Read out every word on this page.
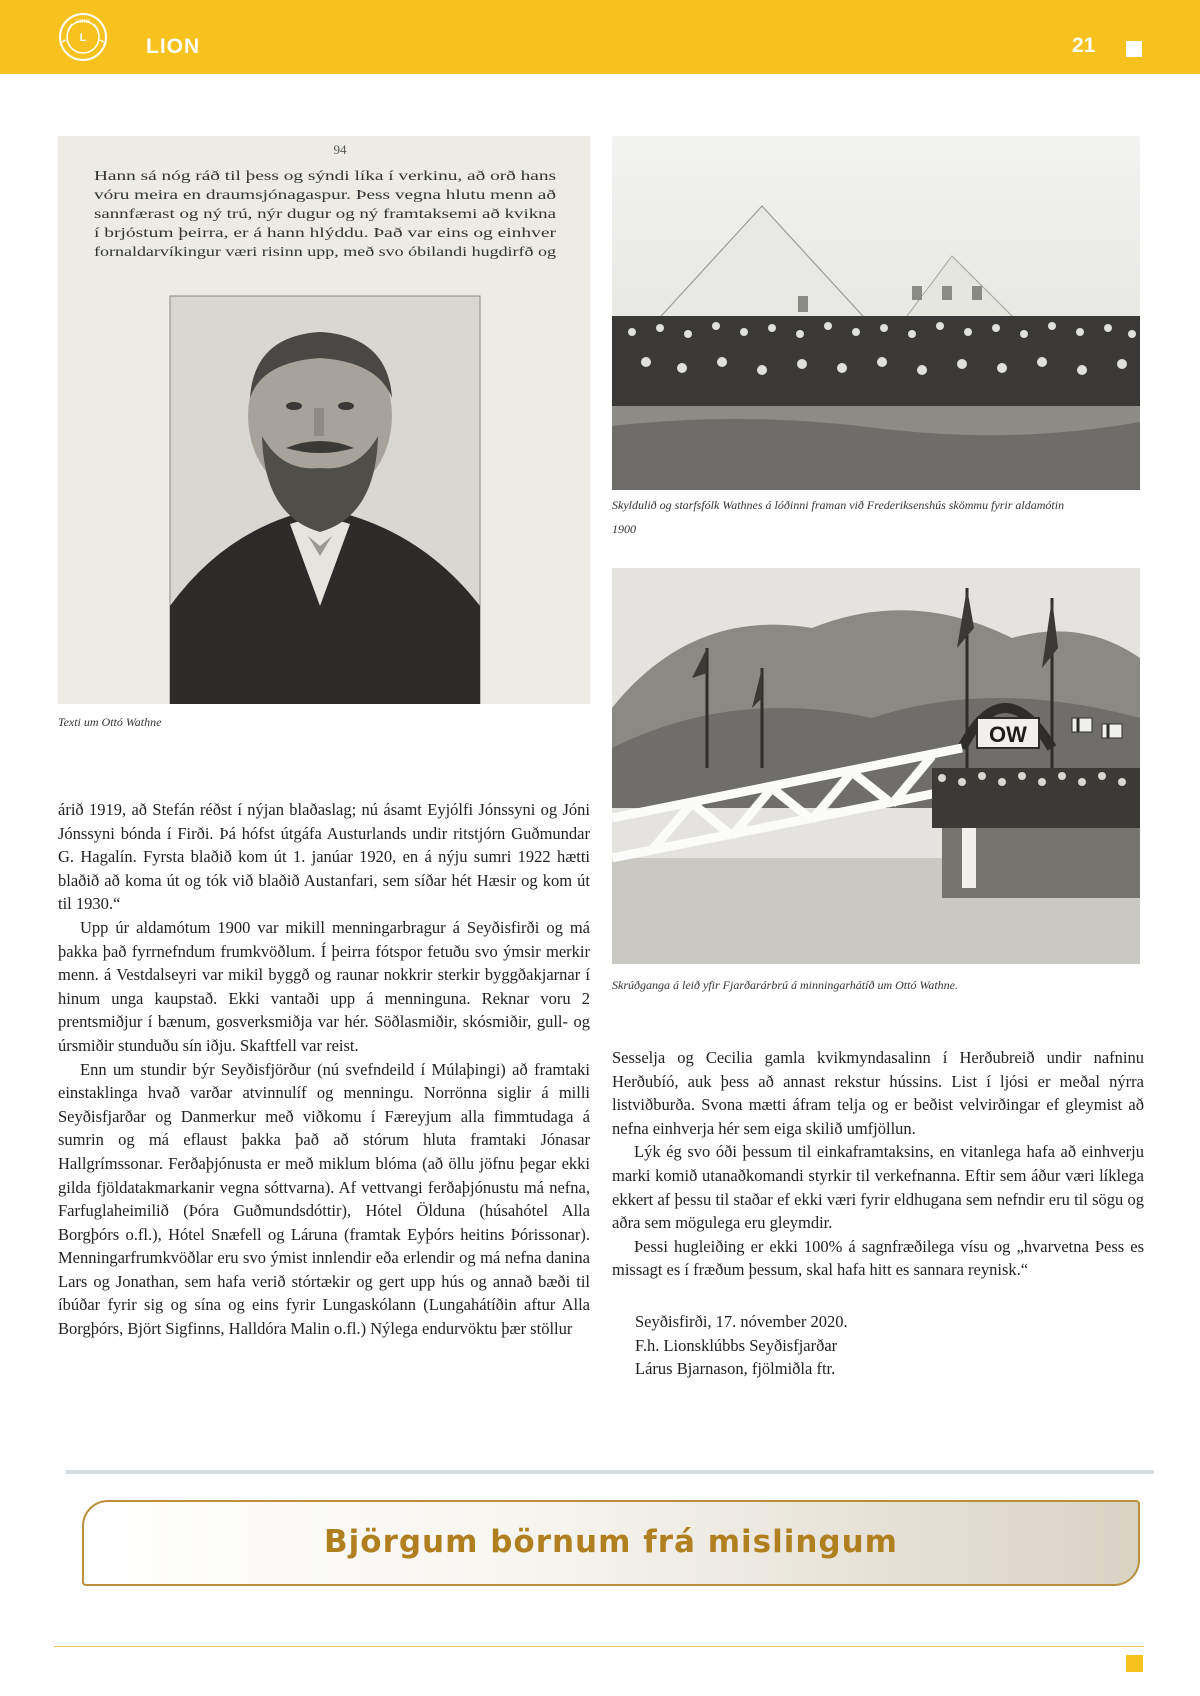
L
LIONS
LION	21
94
Hann sá nóg ráð til þess og sýndi líka í verkinu, að orð hans
vóru meira en draumsjónagaspur. Þess vegna hlutu menn að
sannfærast og ný trú, nýr dugur og ný framtaksemi að kvikna
í brjóstum þeirra, er á hann hlýddu. Það var eins og einhver
fornaldarvíkingur væri risinn upp, með svo óbilandi hugdirfð og
Texti um Ottó Wathne
Skyldulið og starfsfólk Wathnes á lóðinni framan við Frederiksenshús skömmu fyrir aldamótin
1900
OW
Skrúðganga á leið yfir Fjarðarárbrú á minningarhátíð um Ottó Wathne.

árið 1919, að Stefán réðst í nýjan blaðaslag; nú ásamt Eyjólfi Jónssyni og Jóni Jónssyni bónda í Firði. Þá hófst útgáfa Austurlands undir ritstjórn Guðmundar G. Hagalín. Fyrsta blaðið kom út 1. janúar 1920, en á nýju sumri 1922 hætti blaðið að koma út og tók við blaðið Austanfari, sem síðar hét Hæsir og kom út til 1930.“

Upp úr aldamótum 1900 var mikill menningarbragur á Seyðisfirði og má þakka það fyrrnefndum frumkvöðlum. Í þeirra fótspor fetuðu svo ýmsir merkir menn. á Vestdalseyri var mikil byggð og raunar nokkrir sterkir byggðakjarnar í hinum unga kaupstað. Ekki vantaði upp á menninguna. Reknar voru 2 prentsmiðjur í bænum, gosverksmiðja var hér. Söðlasmiðir, skósmiðir, gull- og úrsmiðir stunduðu sín iðju. Skaftfell var reist.

Enn um stundir býr Seyðisfjörður (nú svefndeild í Múlaþingi) að framtaki einstaklinga hvað varðar atvinnulíf og menningu. Norrönna siglir á milli Seyðisfjarðar og Danmerkur með viðkomu í Færeyjum alla fimmtudaga á sumrin og má eflaust þakka það að stórum hluta framtaki Jónasar Hallgrímssonar. Ferðaþjónusta er með miklum blóma (að öllu jöfnu þegar ekki gilda fjöldatakmarkanir vegna sóttvarna). Af vettvangi ferðaþjónustu má nefna, Farfuglaheimilið (Þóra Guðmundsdóttir), Hótel Ölduna (húsahótel Alla Borgþórs o.fl.), Hótel Snæfell og Láruna (framtak Eyþórs heitins Þórissonar). Menningarfrumkvöðlar eru svo ýmist innlendir eða erlendir og má nefna danina Lars og Jonathan, sem hafa verið stórtækir og gert upp hús og annað bæði til íbúðar fyrir sig og sína og eins fyrir Lungaskólann (Lungahátíðin aftur Alla Borgþórs, Björt Sigfinns, Halldóra Malin o.fl.) Nýlega endurvöktu þær stöllur

Sesselja og Cecilia gamla kvikmyndasalinn í Herðubreið undir nafninu Herðubíó, auk þess að annast rekstur hússins. List í ljósi er meðal nýrra listviðburða. Svona mætti áfram telja og er beðist velvirðingar ef gleymist að nefna einhverja hér sem eiga skilið umfjöllun.

Lýk ég svo óði þessum til einkaframtaksins, en vitanlega hafa að einhverju marki komið utanaðkomandi styrkir til verkefnanna. Eftir sem áður væri líklega ekkert af þessu til staðar ef ekki væri fyrir eldhugana sem nefndir eru til sögu og aðra sem mögulega eru gleymdir.

Þessi hugleiðing er ekki 100% á sagnfræðilega vísu og „hvarvetna Þess es missagt es í fræðum þessum, skal hafa hitt es sannara reynisk.“

Seyðisfirði, 17. nóvember 2020.
F.h. Lionsklúbbs Seyðisfjarðar
Lárus Bjarnason, fjölmiðla ftr.
Björgum börnum frá mislingum
